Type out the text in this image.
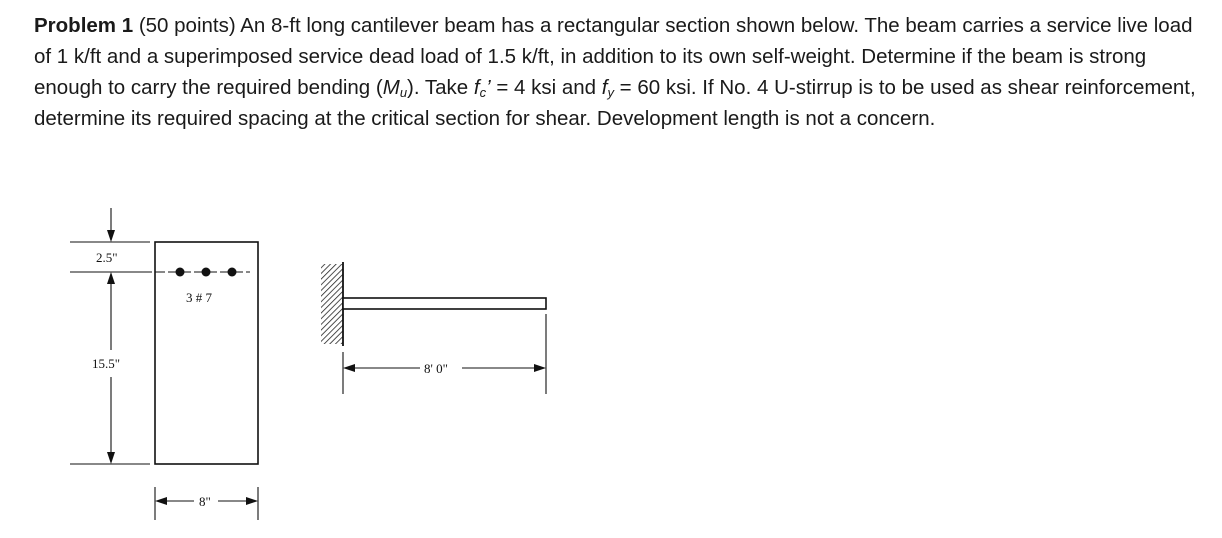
Problem 1 (50 points) An 8-ft long cantilever beam has a rectangular section shown below. The beam carries a service live load of 1 k/ft and a superimposed service dead load of 1.5 k/ft, in addition to its own self-weight. Determine if the beam is strong enough to carry the required bending $(M_u)$. Take $f_c$’ = 4 ksi and $f_y = 60$ ksi. If No. 4 U-stirrup is to be used as shear reinforcement, determine its required spacing at the critical section for shear. Development length is not a concern.
3 # 7
2.5"
15.5"
8"
8' 0"
